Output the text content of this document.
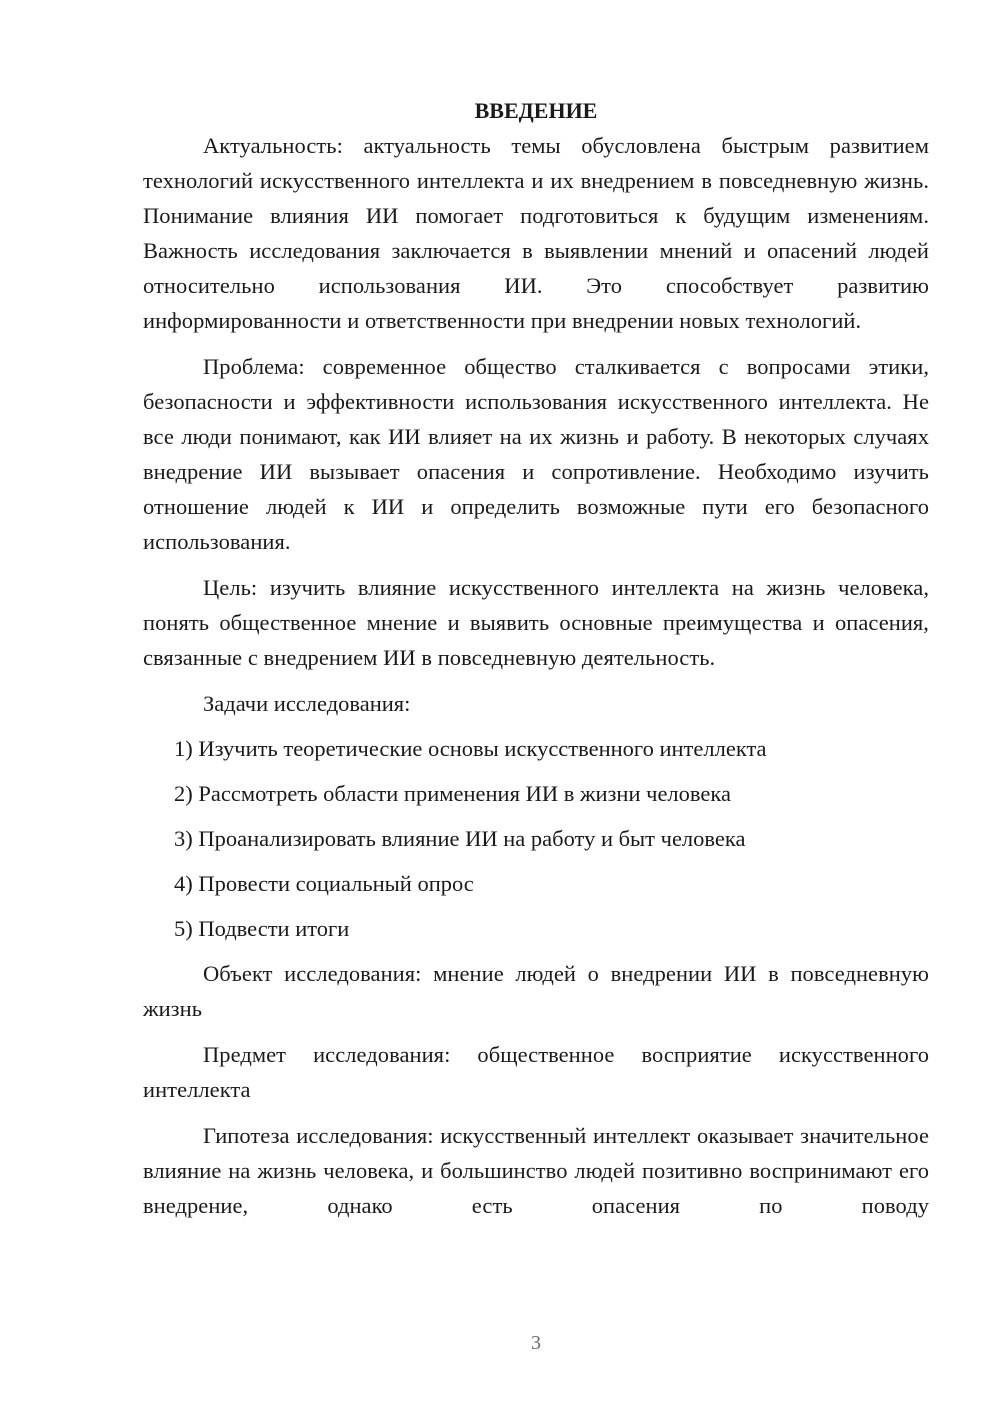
ВВЕДЕНИЕ

Актуальность: актуальность темы обусловлена быстрым развитием технологий искусственного интеллекта и их внедрением в повседневную жизнь. Понимание влияния ИИ помогает подготовиться к будущим изменениям. Важность исследования заключается в выявлении мнений и опасений людей относительно использования ИИ. Это способствует развитию информированности и ответственности при внедрении новых технологий.

Проблема: современное общество сталкивается с вопросами этики, безопасности и эффективности использования искусственного интеллекта. Не все люди понимают, как ИИ влияет на их жизнь и работу. В некоторых случаях внедрение ИИ вызывает опасения и сопротивление. Необходимо изучить отношение людей к ИИ и определить возможные пути его безопасного использования.

Цель: изучить влияние искусственного интеллекта на жизнь человека, понять общественное мнение и выявить основные преимущества и опасения, связанные с внедрением ИИ в повседневную деятельность.

Задачи исследования:
1) Изучить теоретические основы искусственного интеллекта
2) Рассмотреть области применения ИИ в жизни человека
3) Проанализировать влияние ИИ на работу и быт человека
4) Провести социальный опрос
5) Подвести итоги

Объект исследования: мнение людей о внедрении ИИ в повседневную жизнь

Предмет исследования: общественное восприятие искусственного интеллекта

Гипотеза исследования: искусственный интеллект оказывает значительное влияние на жизнь человека, и большинство людей позитивно воспринимают его внедрение, однако есть опасения по поводу

3
